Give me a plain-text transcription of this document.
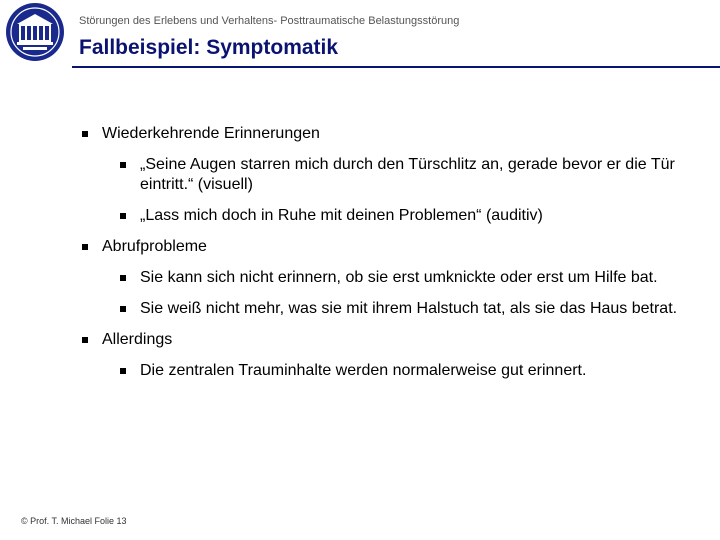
Störungen des Erlebens und Verhaltens- Posttraumatische Belastungsstörung
Fallbeispiel: Symptomatik
Wiederkehrende Erinnerungen
„Seine Augen starren mich durch den Türschlitz an, gerade bevor er die Tür eintritt.“ (visuell)
„Lass mich doch in Ruhe mit deinen Problemen“ (auditiv)
Abrufprobleme
Sie kann sich nicht erinnern, ob sie erst umknickte oder erst um Hilfe bat.
Sie weiß nicht mehr, was sie mit ihrem Halstuch tat, als sie das Haus betrat.
Allerdings
Die zentralen Trauminhalte werden normalerweise gut erinnert.
© Prof. T. Michael Folie 13
